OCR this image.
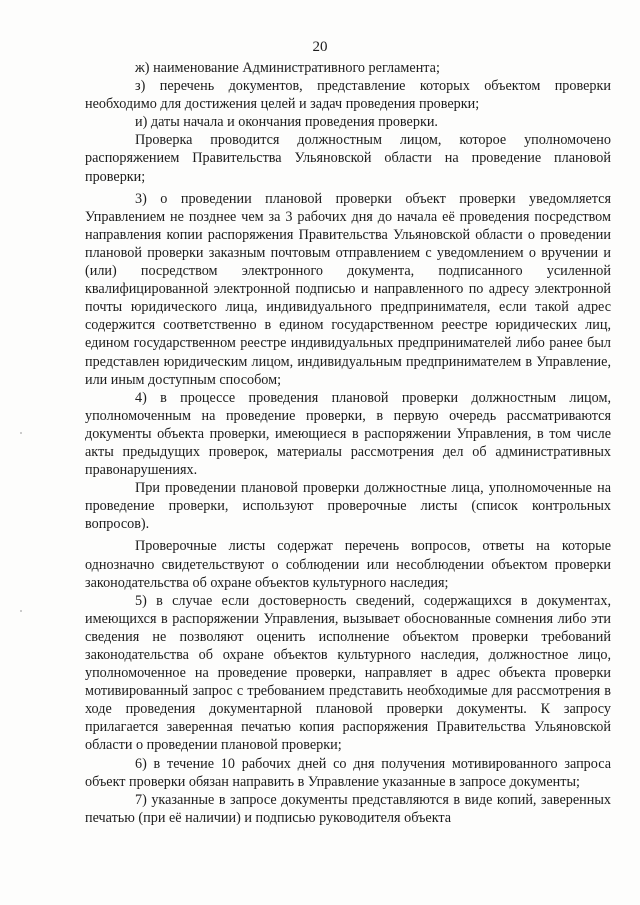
20

ж) наименование Административного регламента;

з) перечень документов, представление которых объектом проверки необходимо для достижения целей и задач проведения проверки;

и) даты начала и окончания проведения проверки.

Проверка проводится должностным лицом, которое уполномочено распоряжением Правительства Ульяновской области на проведение плановой проверки;

3) о проведении плановой проверки объект проверки уведомляется Управлением не позднее чем за 3 рабочих дня до начала её проведения посредством направления копии распоряжения Правительства Ульяновской области о проведении плановой проверки заказным почтовым отправлением с уведомлением о вручении и (или) посредством электронного документа, подписанного усиленной квалифицированной электронной подписью и направленного по адресу электронной почты юридического лица, индивидуального предпринимателя, если такой адрес содержится соответственно в едином государственном реестре юридических лиц, едином государственном реестре индивидуальных предпринимателей либо ранее был представлен юридическим лицом, индивидуальным предпринимателем в Управление, или иным доступным способом;

4) в процессе проведения плановой проверки должностным лицом, уполномоченным на проведение проверки, в первую очередь рассматриваются документы объекта проверки, имеющиеся в распоряжении Управления, в том числе акты предыдущих проверок, материалы рассмотрения дел об административных правонарушениях.

При проведении плановой проверки должностные лица, уполномоченные на проведение проверки, используют проверочные листы (список контрольных вопросов).

Проверочные листы содержат перечень вопросов, ответы на которые однозначно свидетельствуют о соблюдении или несоблюдении объектом проверки законодательства об охране объектов культурного наследия;

5) в случае если достоверность сведений, содержащихся в документах, имеющихся в распоряжении Управления, вызывает обоснованные сомнения либо эти сведения не позволяют оценить исполнение объектом проверки требований законодательства об охране объектов культурного наследия, должностное лицо, уполномоченное на проведение проверки, направляет в адрес объекта проверки мотивированный запрос с требованием представить необходимые для рассмотрения в ходе проведения документарной плановой проверки документы. К запросу прилагается заверенная печатью копия распоряжения Правительства Ульяновской области о проведении плановой проверки;

6) в течение 10 рабочих дней со дня получения мотивированного запроса объект проверки обязан направить в Управление указанные в запросе документы;

7) указанные в запросе документы представляются в виде копий, заверенных печатью (при её наличии) и подписью руководителя объекта
